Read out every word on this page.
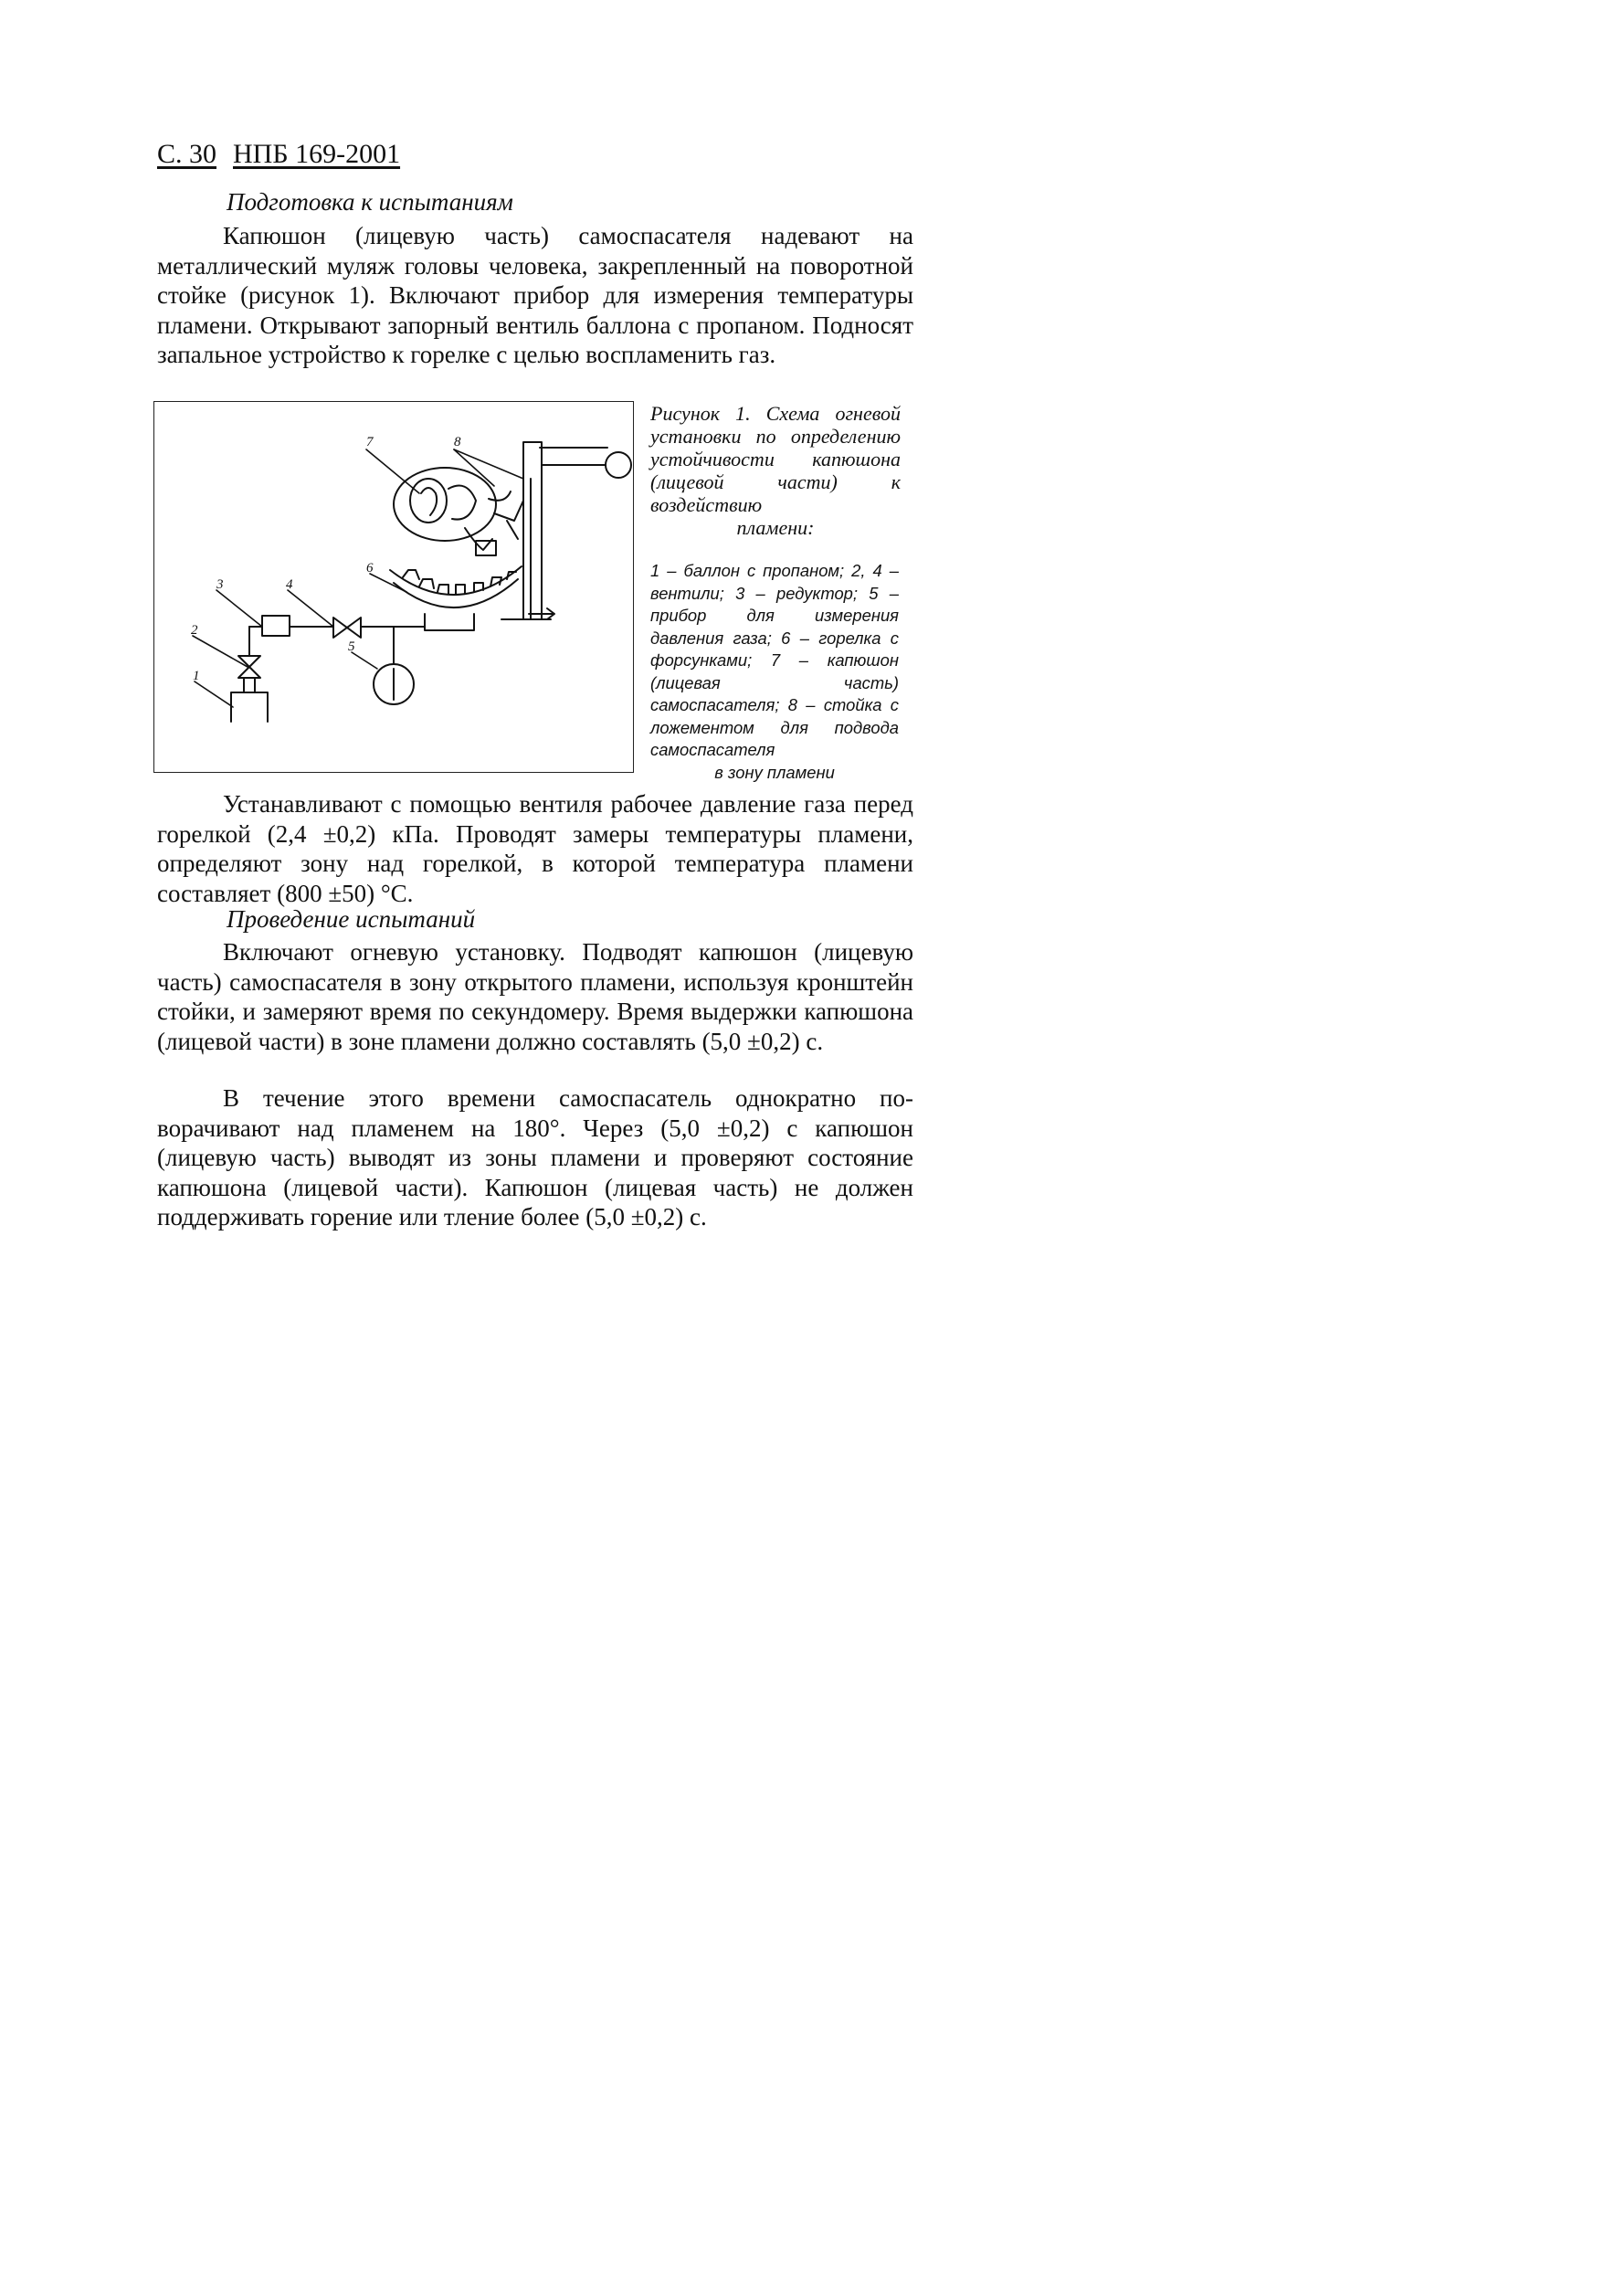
С. 30 НПБ 169-2001
Подготовка к испытаниям
Капюшон (лицевую часть) самоспасателя надевают на металлический муляж головы человека, закрепленный на поворотной стойке (рисунок 1). Включают прибор для измерения температуры пламени. Открывают запорный вентиль баллона с пропаном. Подносят запальное устройство к горелке с целью воспламенить газ.
7	8
6
3	4
2
5
1
Рисунок 1. Схема огневой установки по определению устойчивости капюшона (лицевой части) к воздействию
пламени:
1 – баллон с пропаном; 2, 4 – вентили; 3 – редуктор; 5 – прибор для измерения давления газа; 6 – горелка с форсунками; 7 – капюшон (лицевая часть) самоспасателя; 8 – стойка с ложементом для подвода самоспасателя
в зону пламени
Устанавливают с помощью вентиля рабочее давление газа перед горелкой (2,4 ±0,2) кПа. Проводят замеры температуры пламени, определяют зону над горелкой, в которой температура пламени составляет (800 ±50) °С.
Проведение испытаний
Включают огневую установку. Подводят капюшон (лицевую часть) самоспасателя в зону открытого пламени, используя кронштейн стойки, и замеряют время по секундомеру. Время выдержки капюшона (лицевой части) в зоне пламени должно составлять (5,0 ±0,2) с.
В течение этого времени самоспасатель однократно поворачивают над пламенем на 180°. Через (5,0 ±0,2) с капюшон (лицевую часть) выводят из зоны пламени и проверяют состояние капюшона (лицевой части). Капюшон (лицевая часть) не должен поддерживать горение или тление более (5,0 ±0,2) с.
